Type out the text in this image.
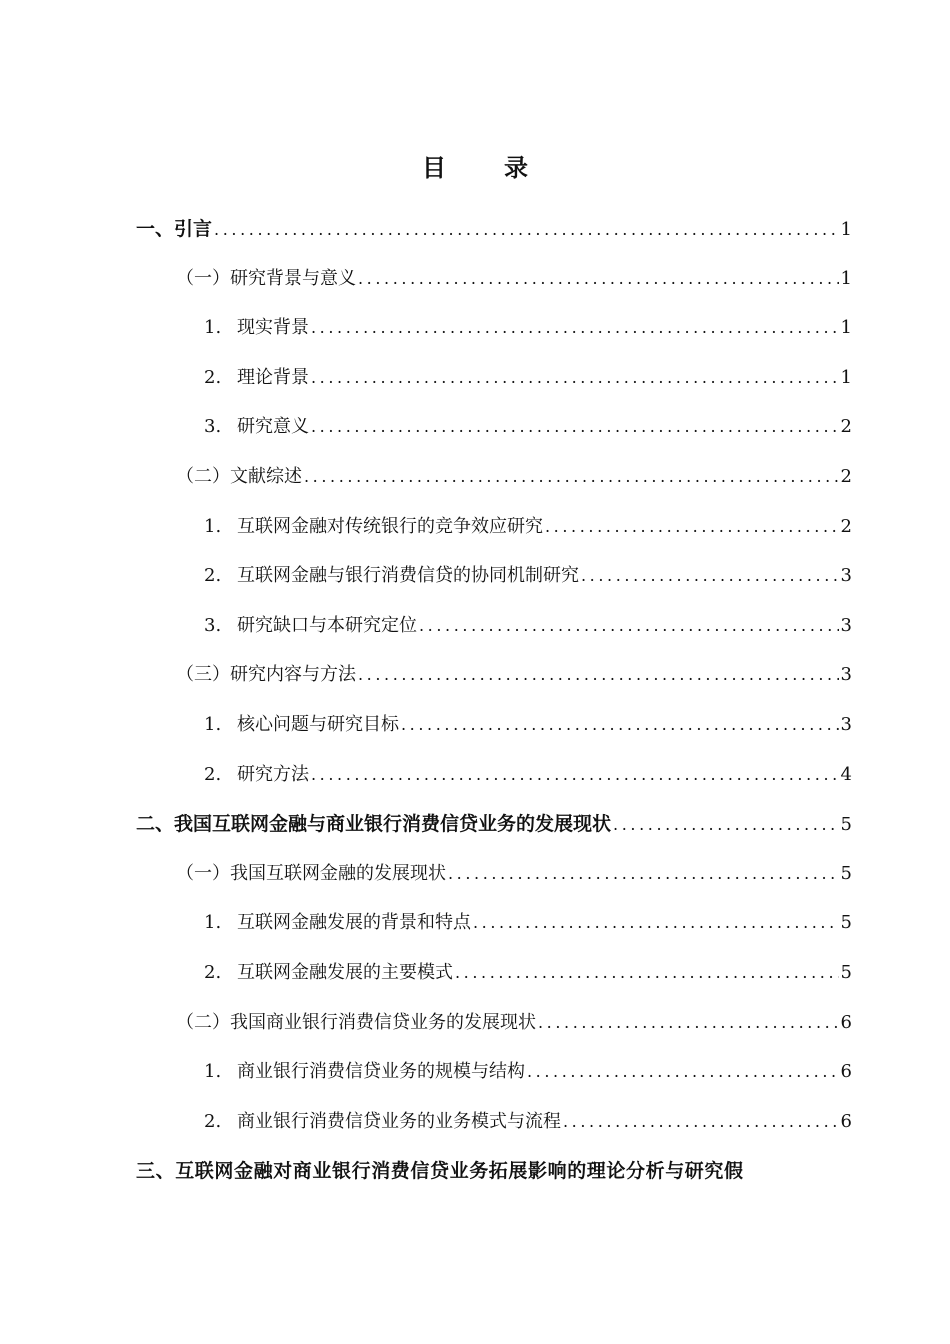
目 录
一、引言 .....	1
（一）研究背景与意义 .....	1
1. 现实背景 .....	1
2. 理论背景 .....	1
3. 研究意义 .....	2
（二）文献综述 .....	2
1. 互联网金融对传统银行的竞争效应研究 .....	2
2. 互联网金融与银行消费信贷的协同机制研究 .....	3
3. 研究缺口与本研究定位 .....	3
（三）研究内容与方法 .....	3
1. 核心问题与研究目标 .....	3
2. 研究方法 .....	4
二、我国互联网金融与商业银行消费信贷业务的发展现状 .....	5
（一）我国互联网金融的发展现状 .....	5
1. 互联网金融发展的背景和特点 .....	5
2. 互联网金融发展的主要模式 .....	5
（二）我国商业银行消费信贷业务的发展现状 .....	6
1. 商业银行消费信贷业务的规模与结构 .....	6
2. 商业银行消费信贷业务的业务模式与流程 .....	6
三、互联网金融对商业银行消费信贷业务拓展影响的理论分析与研究假
